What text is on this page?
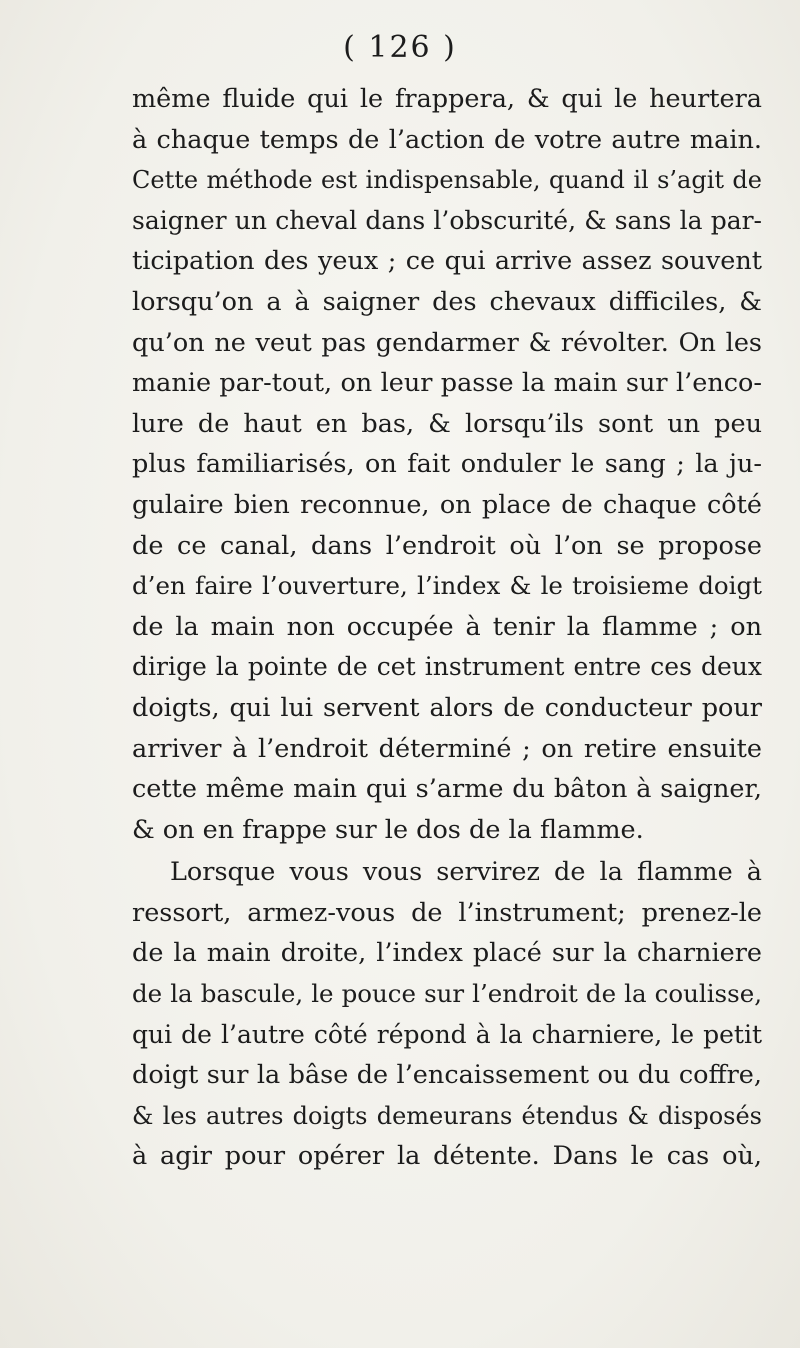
( 126 )
même fluide qui le frappera, & qui le heurtera
à chaque temps de l’action de votre autre main.
Cette méthode est indispensable, quand il s’agit de
saigner un cheval dans l’obscurité, & sans la par-
ticipation des yeux ; ce qui arrive assez souvent
lorsqu’on a à saigner des chevaux difficiles, &
qu’on ne veut pas gendarmer & révolter. On les
manie par-tout, on leur passe la main sur l’enco-
lure de haut en bas, & lorsqu’ils sont un peu
plus familiarisés, on fait onduler le sang ; la ju-
gulaire bien reconnue, on place de chaque côté
de ce canal, dans l’endroit où l’on se propose
d’en faire l’ouverture, l’index & le troisieme doigt
de la main non occupée à tenir la flamme ; on
dirige la pointe de cet instrument entre ces deux
doigts, qui lui servent alors de conducteur pour
arriver à l’endroit déterminé ; on retire ensuite
cette même main qui s’arme du bâton à saigner,
& on en frappe sur le dos de la flamme.
Lorsque vous vous servirez de la flamme à
ressort, armez-vous de l’instrument; prenez-le
de la main droite, l’index placé sur la charniere
de la bascule, le pouce sur l’endroit de la coulisse,
qui de l’autre côté répond à la charniere, le petit
doigt sur la bâse de l’encaissement ou du coffre,
& les autres doigts demeurans étendus & disposés
à agir pour opérer la détente. Dans le cas où,
